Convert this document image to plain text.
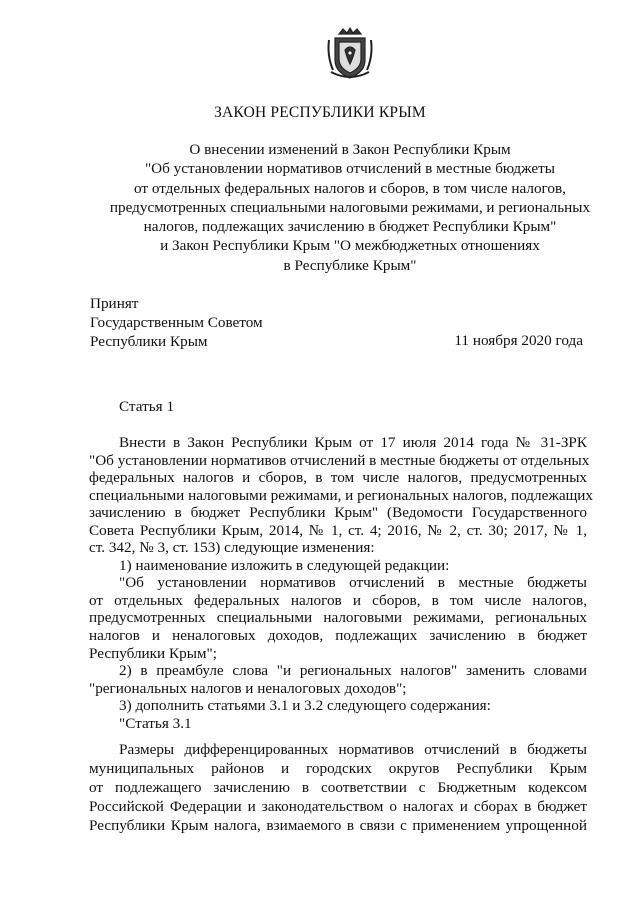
ЗАКОН РЕСПУБЛИКИ КРЫМ
О внесении изменений в Закон Республики Крым
"Об установлении нормативов отчислений в местные бюджеты
от отдельных федеральных налогов и сборов, в том числе налогов,
предусмотренных специальными налоговыми режимами, и региональных
налогов, подлежащих зачислению в бюджет Республики Крым"
и Закон Республики Крым "О межбюджетных отношениях
в Республике Крым"
Принят
Государственным Советом
Республики Крым	11 ноября 2020 года
Статья 1
Внести в Закон Республики Крым от 17 июля 2014 года № 31-ЗРК
"Об установлении нормативов отчислений в местные бюджеты от отдельных
федеральных налогов и сборов, в том числе налогов, предусмотренных
специальными налоговыми режимами, и региональных налогов, подлежащих
зачислению в бюджет Республики Крым" (Ведомости Государственного
Совета Республики Крым, 2014, № 1, ст. 4; 2016, № 2, ст. 30; 2017, № 1,
ст. 342, № 3, ст. 153) следующие изменения:
1) наименование изложить в следующей редакции:
"Об установлении нормативов отчислений в местные бюджеты
от отдельных федеральных налогов и сборов, в том числе налогов,
предусмотренных специальными налоговыми режимами, региональных
налогов и неналоговых доходов, подлежащих зачислению в бюджет
Республики Крым";
2) в преамбуле слова "и региональных налогов" заменить словами
"региональных налогов и неналоговых доходов";
3) дополнить статьями 3.1 и 3.2 следующего содержания:
"Статья 3.1
Размеры дифференцированных нормативов отчислений в бюджеты
муниципальных районов и городских округов Республики Крым
от подлежащего зачислению в соответствии с Бюджетным кодексом
Российской Федерации и законодательством о налогах и сборах в бюджет
Республики Крым налога, взимаемого в связи с применением упрощенной
